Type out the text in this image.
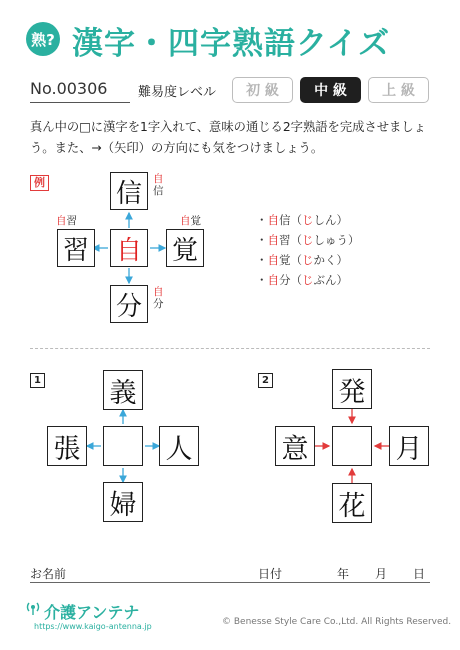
熟? 漢字・四字熟語クイズ
No.00306 難易度レベル	初 級	中 級	上 級
真ん中の□に漢字を1字入れて、意味の通じる2字熟語を完成させましょう。また、→（矢印）の方向にも気をつけましょう。
例	信
習 自 覚
分
自
信
自習	自覚
自
分
・自信（じしん）
・自習（じしゅう）
・自覚（じかく）
・自分（じぶん）
1	義
張	人
婦
2	発
意	月
花
お名前	日付	年 月 日
介護アンテナ
https://www.kaigo-antenna.jp	© Benesse Style Care Co.,Ltd. All Rights Reserved.
